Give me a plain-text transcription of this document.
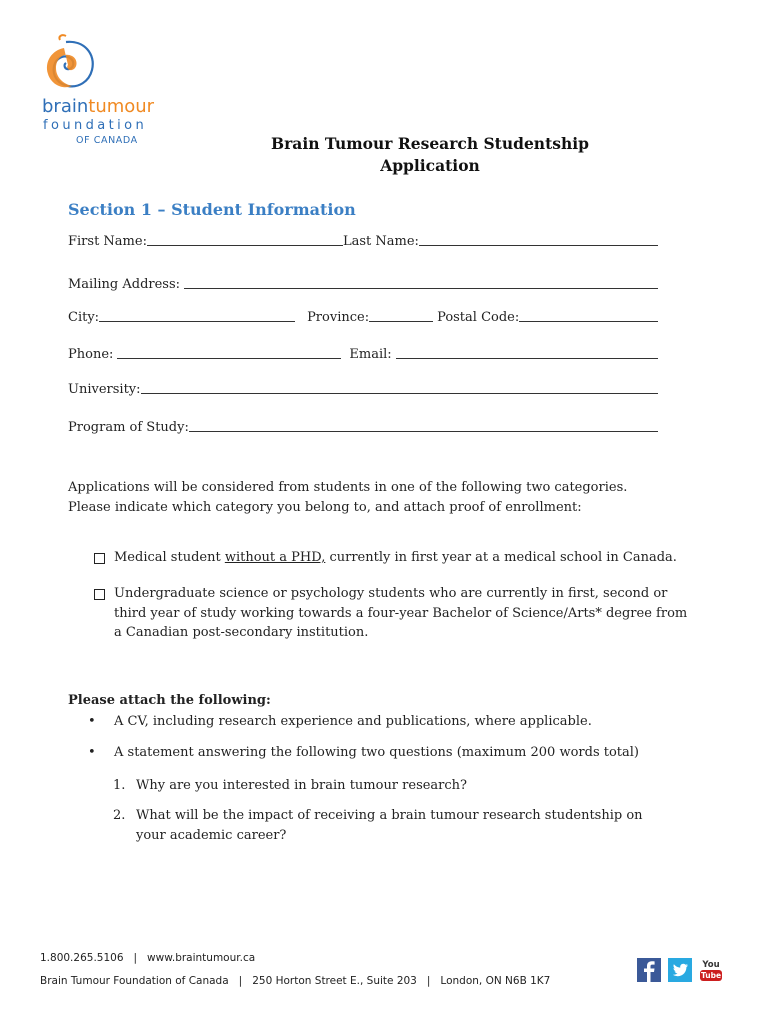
braintumour
foundation
OF CANADA	Brain Tumour Research Studentship
Application
Section 1 – Student Information
First Name:	Last Name:
Mailing Address:
City:	Province:	Postal Code:
Phone:	Email:
University:
Program of Study:
Applications will be considered from students in one of the following two categories. Please indicate which category you belong to, and attach proof of enrollment:
Medical student without a PHD, currently in first year at a medical school in Canada.
Undergraduate science or psychology students who are currently in first, second or third year of study working towards a four-year Bachelor of Science/Arts* degree from a Canadian post-secondary institution.
Please attach the following:
•	A CV, including research experience and publications, where applicable.
•	A statement answering the following two questions (maximum 200 words total)
1. Why are you interested in brain tumour research?
2. What will be the impact of receiving a brain tumour research studentship on your academic career?
1.800.265.5106   |   www.braintumour.ca
Brain Tumour Foundation of Canada   |   250 Horton Street E., Suite 203   |   London, ON N6B 1K7
You
Tube
